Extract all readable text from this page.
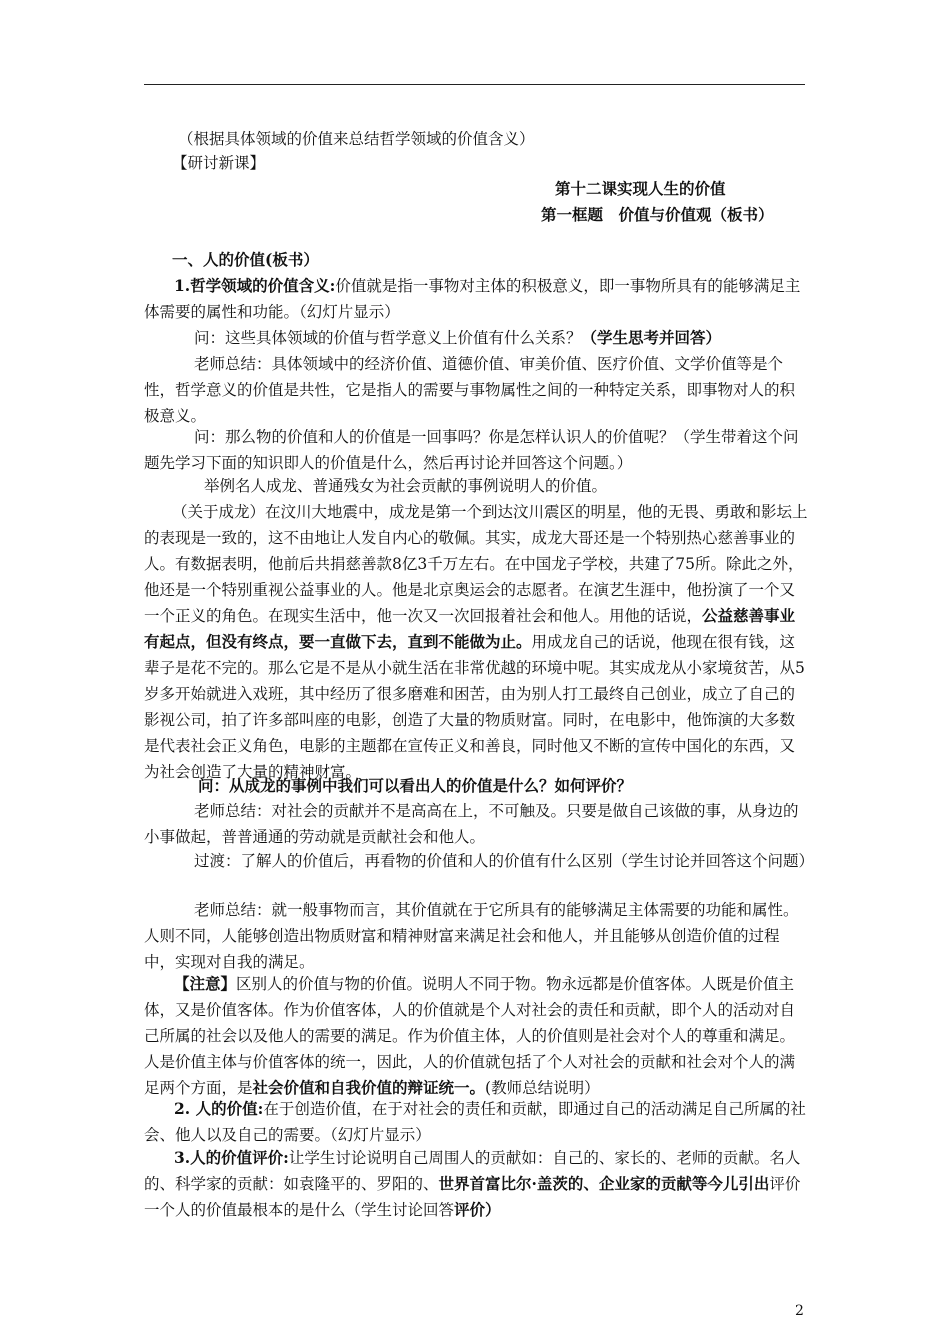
（根据具体领域的价值来总结哲学领域的价值含义）

【研讨新课】

第十二课实现人生的价值

第一框题　价值与价值观（板书）

一、人的价值(板书）

1.哲学领域的价值含义:价值就是指一事物对主体的积极意义，即一事物所具有的能够满足主体需要的属性和功能。（幻灯片显示）

问：这些具体领域的价值与哲学意义上价值有什么关系？（学生思考并回答）

老师总结：具体领域中的经济价值、道德价值、审美价值、医疗价值、文学价值等是个性，哲学意义的价值是共性，它是指人的需要与事物属性之间的一种特定关系，即事物对人的积极意义。

问：那么物的价值和人的价值是一回事吗？你是怎样认识人的价值呢？（学生带着这个问题先学习下面的知识即人的价值是什么，然后再讨论并回答这个问题。）

举例名人成龙、普通残女为社会贡献的事例说明人的价值。

（关于成龙）在汶川大地震中，成龙是第一个到达汶川震区的明星，他的无畏、勇敢和影坛上的表现是一致的，这不由地让人发自内心的敬佩。其实，成龙大哥还是一个特别热心慈善事业的人。有数据表明，他前后共捐慈善款8亿3千万左右。在中国龙子学校，共建了75所。除此之外，他还是一个特别重视公益事业的人。他是北京奥运会的志愿者。在演艺生涯中，他扮演了一个又一个正义的角色。在现实生活中，他一次又一次回报着社会和他人。用他的话说，公益慈善事业有起点，但没有终点，要一直做下去，直到不能做为止。用成龙自己的话说，他现在很有钱，这辈子是花不完的。那么它是不是从小就生活在非常优越的环境中呢。其实成龙从小家境贫苦，从5岁多开始就进入戏班，其中经历了很多磨难和困苦，由为别人打工最终自己创业，成立了自己的影视公司，拍了许多部叫座的电影，创造了大量的物质财富。同时，在电影中，他饰演的大多数是代表社会正义角色，电影的主题都在宣传正义和善良，同时他又不断的宣传中国化的东西，又为社会创造了大量的精神财富。

问：从成龙的事例中我们可以看出人的价值是什么？如何评价？

老师总结：对社会的贡献并不是高高在上，不可触及。只要是做自己该做的事，从身边的小事做起，普普通通的劳动就是贡献社会和他人。

过渡：了解人的价值后，再看物的价值和人的价值有什么区别（学生讨论并回答这个问题）

老师总结：就一般事物而言，其价值就在于它所具有的能够满足主体需要的功能和属性。人则不同，人能够创造出物质财富和精神财富来满足社会和他人，并且能够从创造价值的过程中，实现对自我的满足。

【注意】区别人的价值与物的价值。说明人不同于物。物永远都是价值客体。人既是价值主体，又是价值客体。作为价值客体，人的价值就是个人对社会的责任和贡献，即个人的活动对自己所属的社会以及他人的需要的满足。作为价值主体，人的价值则是社会对个人的尊重和满足。人是价值主体与价值客体的统一，因此，人的价值就包括了个人对社会的贡献和社会对个人的满足两个方面，是社会价值和自我价值的辩证统一。(教师总结说明）

2. 人的价值:在于创造价值，在于对社会的责任和贡献，即通过自己的活动满足自己所属的社会、他人以及自己的需要。（幻灯片显示）

3.人的价值评价:让学生讨论说明自己周围人的贡献如：自己的、家长的、老师的贡献。名人的、科学家的贡献：如袁隆平的、罗阳的、世界首富比尔·盖茨的、企业家的贡献等今儿引出评价一个人的价值最根本的是什么（学生讨论回答评价）

2
